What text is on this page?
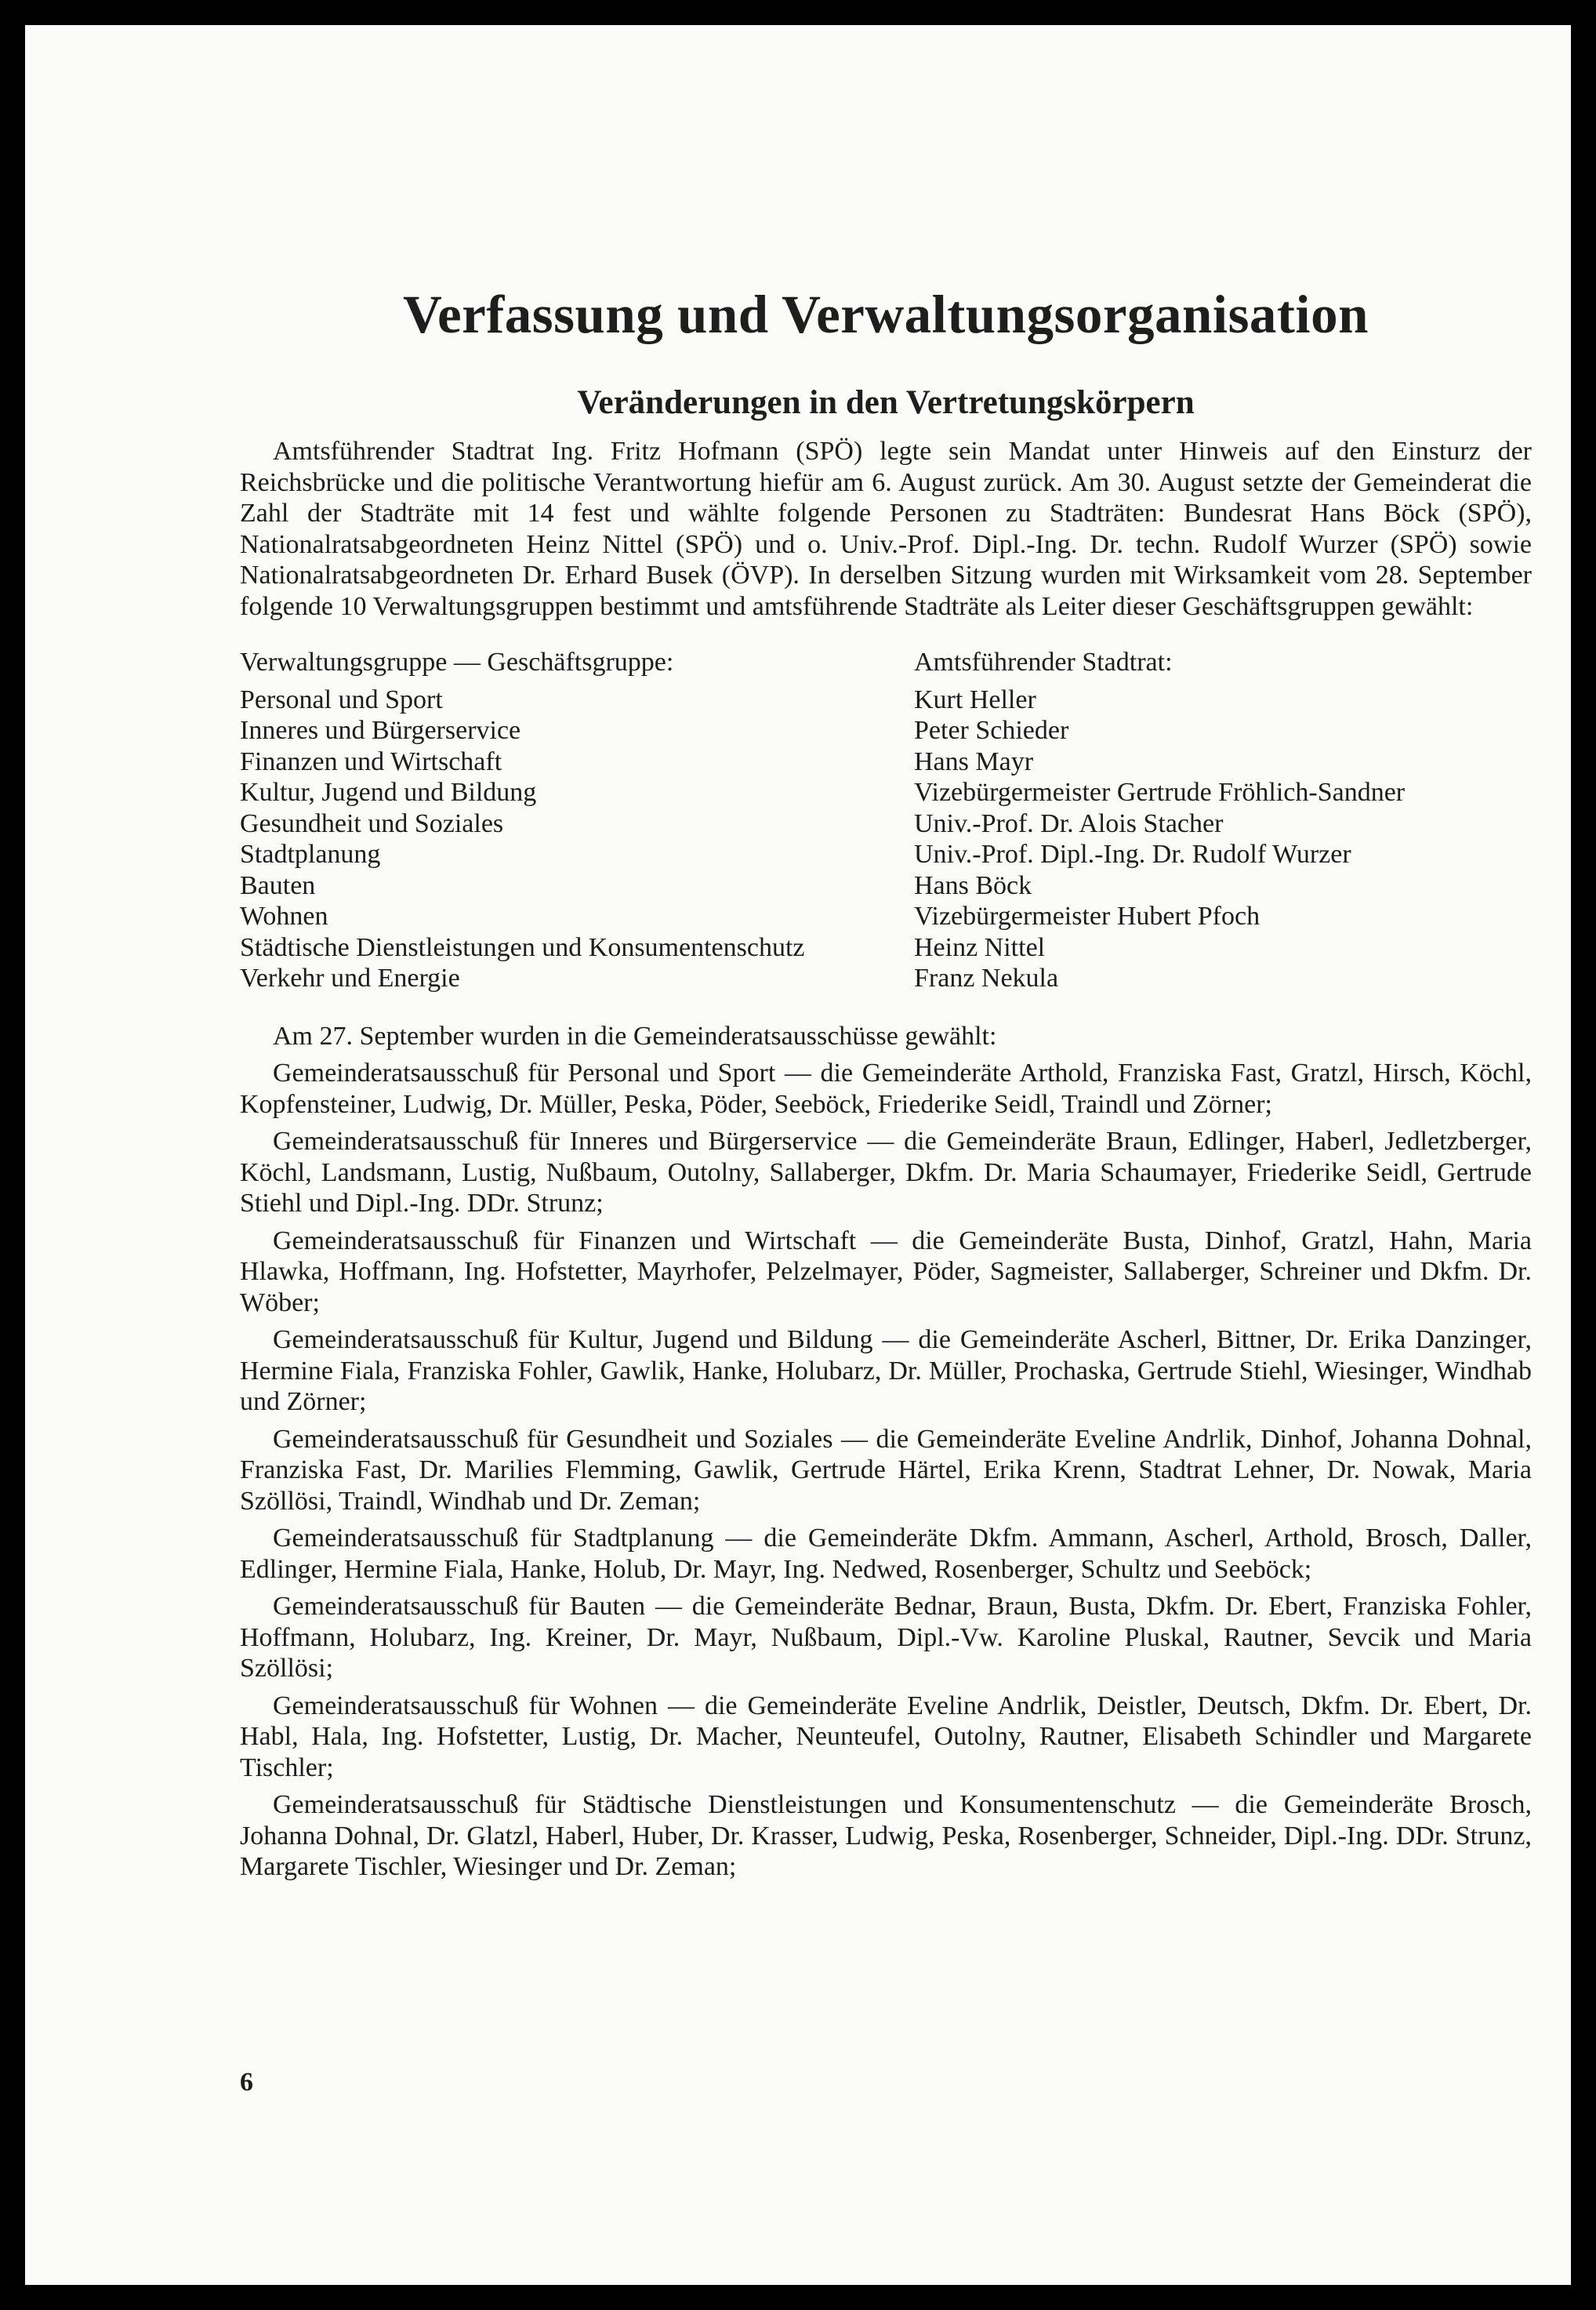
Verfassung und Verwaltungsorganisation
Veränderungen in den Vertretungskörpern

Amtsführender Stadtrat Ing. Fritz Hofmann (SPÖ) legte sein Mandat unter Hinweis auf den Einsturz der Reichsbrücke und die politische Verantwortung hiefür am 6. August zurück. Am 30. August setzte der Gemeinderat die Zahl der Stadträte mit 14 fest und wählte folgende Personen zu Stadträten: Bundesrat Hans Böck (SPÖ), Nationalratsabgeordneten Heinz Nittel (SPÖ) und o. Univ.-Prof. Dipl.-Ing. Dr. techn. Rudolf Wurzer (SPÖ) sowie Nationalratsabgeordneten Dr. Erhard Busek (ÖVP). In derselben Sitzung wurden mit Wirksamkeit vom 28. September folgende 10 Verwaltungsgruppen bestimmt und amtsführende Stadträte als Leiter dieser Geschäftsgruppen gewählt:

Verwaltungsgruppe — Geschäftsgruppe:
Personal und Sport
Inneres und Bürgerservice
Finanzen und Wirtschaft
Kultur, Jugend und Bildung
Gesundheit und Soziales
Stadtplanung
Bauten
Wohnen
Städtische Dienstleistungen und Konsumentenschutz
Verkehr und Energie
Amtsführender Stadtrat:
Kurt Heller
Peter Schieder
Hans Mayr
Vizebürgermeister Gertrude Fröhlich-Sandner
Univ.-Prof. Dr. Alois Stacher
Univ.-Prof. Dipl.-Ing. Dr. Rudolf Wurzer
Hans Böck
Vizebürgermeister Hubert Pfoch
Heinz Nittel
Franz Nekula

Am 27. September wurden in die Gemeinderatsausschüsse gewählt:

Gemeinderatsausschuß für Personal und Sport — die Gemeinderäte Arthold, Franziska Fast, Gratzl, Hirsch, Köchl, Kopfensteiner, Ludwig, Dr. Müller, Peska, Pöder, Seeböck, Friederike Seidl, Traindl und Zörner;

Gemeinderatsausschuß für Inneres und Bürgerservice — die Gemeinderäte Braun, Edlinger, Haberl, Jedletzberger, Köchl, Landsmann, Lustig, Nußbaum, Outolny, Sallaberger, Dkfm. Dr. Maria Schaumayer, Friederike Seidl, Gertrude Stiehl und Dipl.-Ing. DDr. Strunz;

Gemeinderatsausschuß für Finanzen und Wirtschaft — die Gemeinderäte Busta, Dinhof, Gratzl, Hahn, Maria Hlawka, Hoffmann, Ing. Hofstetter, Mayrhofer, Pelzelmayer, Pöder, Sagmeister, Sallaberger, Schreiner und Dkfm. Dr. Wöber;

Gemeinderatsausschuß für Kultur, Jugend und Bildung — die Gemeinderäte Ascherl, Bittner, Dr. Erika Danzinger, Hermine Fiala, Franziska Fohler, Gawlik, Hanke, Holubarz, Dr. Müller, Prochaska, Gertrude Stiehl, Wiesinger, Windhab und Zörner;

Gemeinderatsausschuß für Gesundheit und Soziales — die Gemeinderäte Eveline Andrlik, Dinhof, Johanna Dohnal, Franziska Fast, Dr. Marilies Flemming, Gawlik, Gertrude Härtel, Erika Krenn, Stadtrat Lehner, Dr. Nowak, Maria Szöllösi, Traindl, Windhab und Dr. Zeman;

Gemeinderatsausschuß für Stadtplanung — die Gemeinderäte Dkfm. Ammann, Ascherl, Arthold, Brosch, Daller, Edlinger, Hermine Fiala, Hanke, Holub, Dr. Mayr, Ing. Nedwed, Rosenberger, Schultz und Seeböck;

Gemeinderatsausschuß für Bauten — die Gemeinderäte Bednar, Braun, Busta, Dkfm. Dr. Ebert, Franziska Fohler, Hoffmann, Holubarz, Ing. Kreiner, Dr. Mayr, Nußbaum, Dipl.-Vw. Karoline Pluskal, Rautner, Sevcik und Maria Szöllösi;

Gemeinderatsausschuß für Wohnen — die Gemeinderäte Eveline Andrlik, Deistler, Deutsch, Dkfm. Dr. Ebert, Dr. Habl, Hala, Ing. Hofstetter, Lustig, Dr. Macher, Neunteufel, Outolny, Rautner, Elisabeth Schindler und Margarete Tischler;

Gemeinderatsausschuß für Städtische Dienstleistungen und Konsumentenschutz — die Gemeinderäte Brosch, Johanna Dohnal, Dr. Glatzl, Haberl, Huber, Dr. Krasser, Ludwig, Peska, Rosenberger, Schneider, Dipl.-Ing. DDr. Strunz, Margarete Tischler, Wiesinger und Dr. Zeman;

6
